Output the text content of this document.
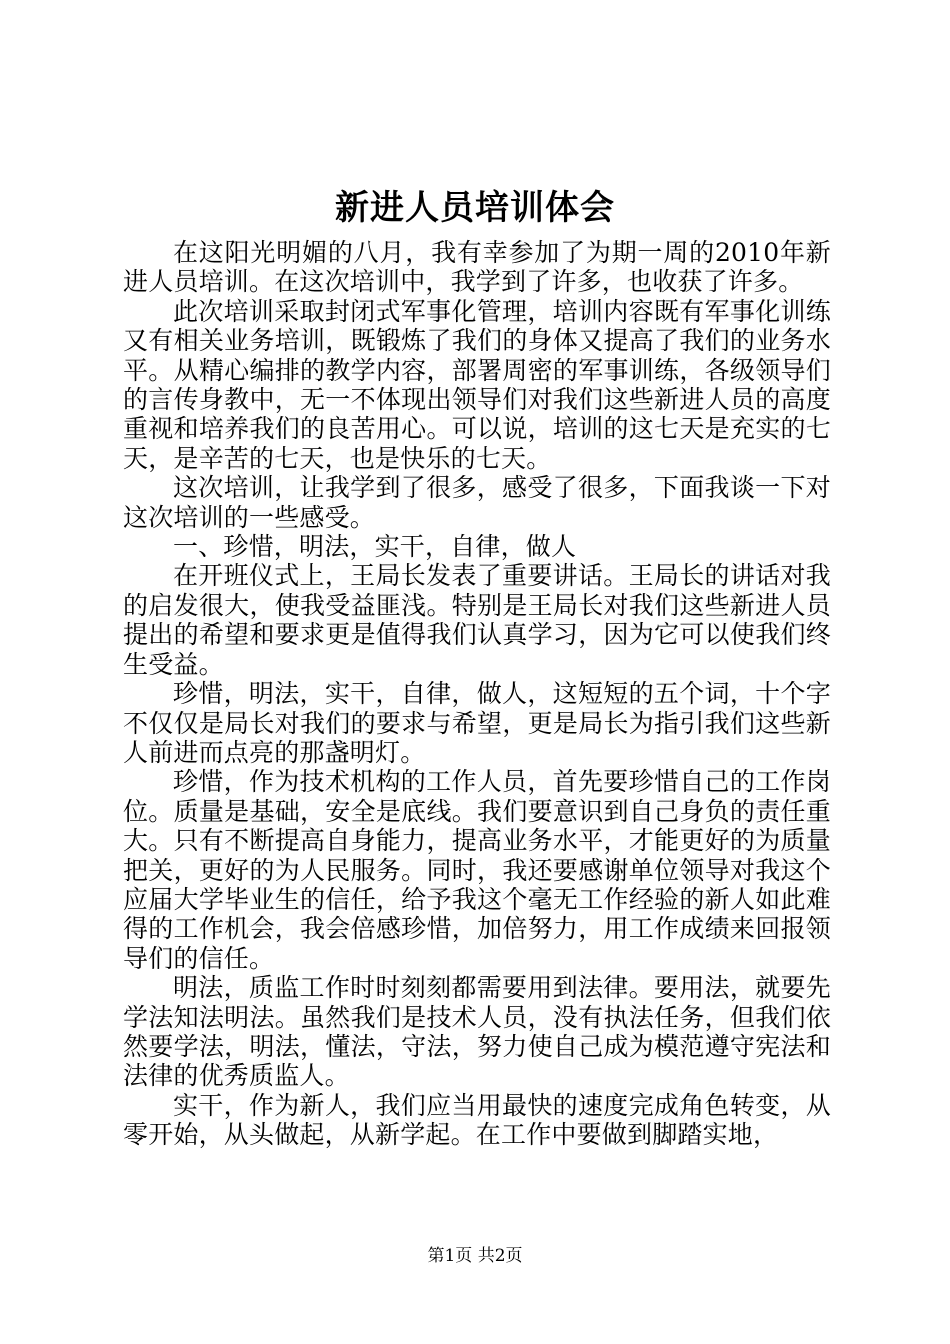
新进人员培训体会

在这阳光明媚的八月，我有幸参加了为期一周的2010年新进人员培训。在这次培训中，我学到了许多，也收获了许多。

此次培训采取封闭式军事化管理，培训内容既有军事化训练又有相关业务培训，既锻炼了我们的身体又提高了我们的业务水平。从精心编排的教学内容，部署周密的军事训练，各级领导们的言传身教中，无一不体现出领导们对我们这些新进人员的高度重视和培养我们的良苦用心。可以说，培训的这七天是充实的七天，是辛苦的七天，也是快乐的七天。

这次培训，让我学到了很多，感受了很多，下面我谈一下对这次培训的一些感受。

一、珍惜，明法，实干，自律，做人

在开班仪式上，王局长发表了重要讲话。王局长的讲话对我的启发很大，使我受益匪浅。特别是王局长对我们这些新进人员提出的希望和要求更是值得我们认真学习，因为它可以使我们终生受益。

珍惜，明法，实干，自律，做人，这短短的五个词，十个字不仅仅是局长对我们的要求与希望，更是局长为指引我们这些新人前进而点亮的那盏明灯。

珍惜，作为技术机构的工作人员，首先要珍惜自己的工作岗位。质量是基础，安全是底线。我们要意识到自己身负的责任重大。只有不断提高自身能力，提高业务水平，才能更好的为质量把关，更好的为人民服务。同时，我还要感谢单位领导对我这个应届大学毕业生的信任，给予我这个毫无工作经验的新人如此难得的工作机会，我会倍感珍惜，加倍努力，用工作成绩来回报领导们的信任。

明法，质监工作时时刻刻都需要用到法律。要用法，就要先学法知法明法。虽然我们是技术人员，没有执法任务，但我们依然要学法，明法，懂法，守法，努力使自己成为模范遵守宪法和法律的优秀质监人。

实干，作为新人，我们应当用最快的速度完成角色转变，从零开始，从头做起，从新学起。在工作中要做到脚踏实地，

第1页 共2页
